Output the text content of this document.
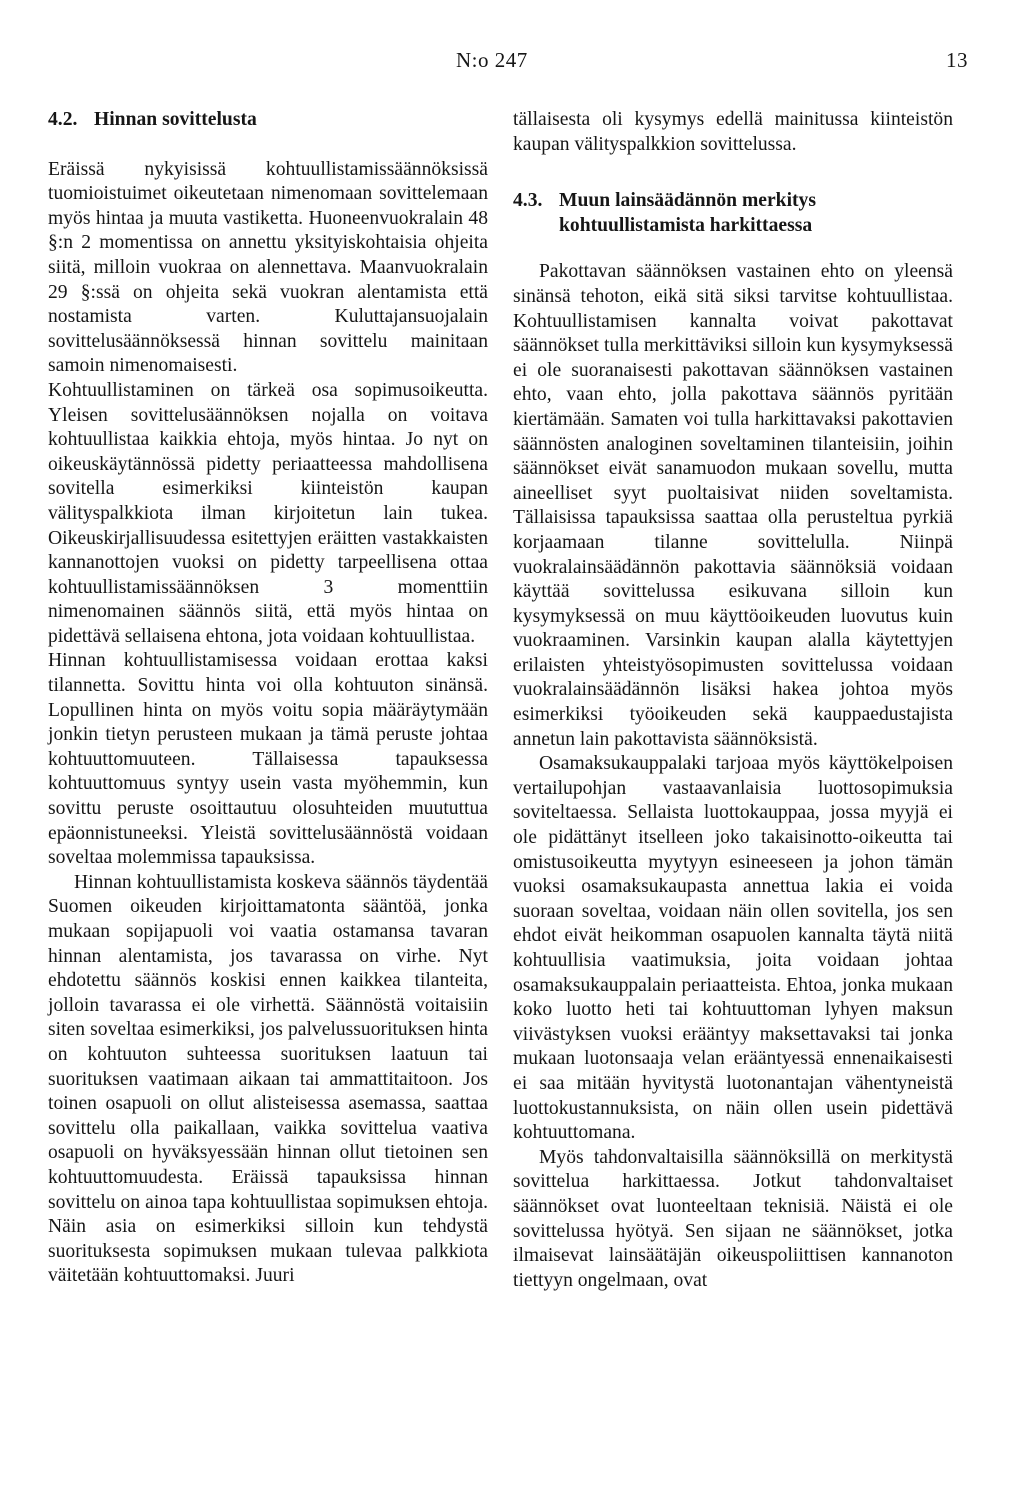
N:o 247	13
4.2. Hinnan sovittelusta

Eräissä nykyisissä kohtuullistamissäännöksissä tuomioistuimet oikeutetaan nimenomaan sovittelemaan myös hintaa ja muuta vastiketta. Huoneenvuokralain 48 §:n 2 momentissa on annettu yksityiskohtaisia ohjeita siitä, milloin vuokraa on alennettava. Maanvuokralain 29 §:ssä on ohjeita sekä vuokran alentamista että nostamista varten. Kuluttajansuojalain sovittelusäännöksessä hinnan sovittelu mainitaan samoin nimenomaisesti.

Kohtuullistaminen on tärkeä osa sopimusoikeutta. Yleisen sovittelusäännöksen nojalla on voitava kohtuullistaa kaikkia ehtoja, myös hintaa. Jo nyt on oikeuskäytännössä pidetty periaatteessa mahdollisena sovitella esimerkiksi kiinteistön kaupan välityspalkkiota ilman kirjoitetun lain tukea. Oikeuskirjallisuudessa esitettyjen eräitten vastakkaisten kannanottojen vuoksi on pidetty tarpeellisena ottaa kohtuullistamissäännöksen 3 momenttiin nimenomainen säännös siitä, että myös hintaa on pidettävä sellaisena ehtona, jota voidaan kohtuullistaa.

Hinnan kohtuullistamisessa voidaan erottaa kaksi tilannetta. Sovittu hinta voi olla kohtuuton sinänsä. Lopullinen hinta on myös voitu sopia määräytymään jonkin tietyn perusteen mukaan ja tämä peruste johtaa kohtuuttomuuteen. Tällaisessa tapauksessa kohtuuttomuus syntyy usein vasta myöhemmin, kun sovittu peruste osoittautuu olosuhteiden muututtua epäonnistuneeksi. Yleistä sovittelusäännöstä voidaan soveltaa molemmissa tapauksissa.

Hinnan kohtuullistamista koskeva säännös täydentää Suomen oikeuden kirjoittamatonta sääntöä, jonka mukaan sopijapuoli voi vaatia ostamansa tavaran hinnan alentamista, jos tavarassa on virhe. Nyt ehdotettu säännös koskisi ennen kaikkea tilanteita, jolloin tavarassa ei ole virhettä. Säännöstä voitaisiin siten soveltaa esimerkiksi, jos palvelussuorituksen hinta on kohtuuton suhteessa suorituksen laatuun tai suorituksen vaatimaan aikaan tai ammattitaitoon. Jos toinen osapuoli on ollut alisteisessa asemassa, saattaa sovittelu olla paikallaan, vaikka sovittelua vaativa osapuoli on hyväksyessään hinnan ollut tietoinen sen kohtuuttomuudesta. Eräissä tapauksissa hinnan sovittelu on ainoa tapa kohtuullistaa sopimuksen ehtoja. Näin asia on esimerkiksi silloin kun tehdystä suorituksesta sopimuksen mukaan tulevaa palkkiota väitetään kohtuuttomaksi. Juuri

tällaisesta oli kysymys edellä mainitussa kiinteistön kaupan välityspalkkion sovittelussa.

4.3. Muun lainsäädännön merkitys kohtuullistamista harkittaessa

Pakottavan säännöksen vastainen ehto on yleensä sinänsä tehoton, eikä sitä siksi tarvitse kohtuullistaa. Kohtuullistamisen kannalta voivat pakottavat säännökset tulla merkittäviksi silloin kun kysymyksessä ei ole suoranaisesti pakottavan säännöksen vastainen ehto, vaan ehto, jolla pakottava säännös pyritään kiertämään. Samaten voi tulla harkittavaksi pakottavien säännösten analoginen soveltaminen tilanteisiin, joihin säännökset eivät sanamuodon mukaan sovellu, mutta aineelliset syyt puoltaisivat niiden soveltamista. Tällaisissa tapauksissa saattaa olla perusteltua pyrkiä korjaamaan tilanne sovittelulla. Niinpä vuokralainsäädännön pakottavia säännöksiä voidaan käyttää sovittelussa esikuvana silloin kun kysymyksessä on muu käyttöoikeuden luovutus kuin vuokraaminen. Varsinkin kaupan alalla käytettyjen erilaisten yhteistyösopimusten sovittelussa voidaan vuokralainsäädännön lisäksi hakea johtoa myös esimerkiksi työoikeuden sekä kauppaedustajista annetun lain pakottavista säännöksistä.

Osamaksukauppalaki tarjoaa myös käyttökelpoisen vertailupohjan vastaavanlaisia luottosopimuksia soviteltaessa. Sellaista luottokauppaa, jossa myyjä ei ole pidättänyt itselleen joko takaisinotto-oikeutta tai omistusoikeutta myytyyn esineeseen ja johon tämän vuoksi osamaksukaupasta annettua lakia ei voida suoraan soveltaa, voidaan näin ollen sovitella, jos sen ehdot eivät heikomman osapuolen kannalta täytä niitä kohtuullisia vaatimuksia, joita voidaan johtaa osamaksukauppalain periaatteista. Ehtoa, jonka mukaan koko luotto heti tai kohtuuttoman lyhyen maksun viivästyksen vuoksi erääntyy maksettavaksi tai jonka mukaan luotonsaaja velan erääntyessä ennenaikaisesti ei saa mitään hyvitystä luotonantajan vähentyneistä luottokustannuksista, on näin ollen usein pidettävä kohtuuttomana.

Myös tahdonvaltaisilla säännöksillä on merkitystä sovittelua harkittaessa. Jotkut tahdonvaltaiset säännökset ovat luonteeltaan teknisiä. Näistä ei ole sovittelussa hyötyä. Sen sijaan ne säännökset, jotka ilmaisevat lainsäätäjän oikeuspoliittisen kannanoton tiettyyn ongelmaan, ovat
